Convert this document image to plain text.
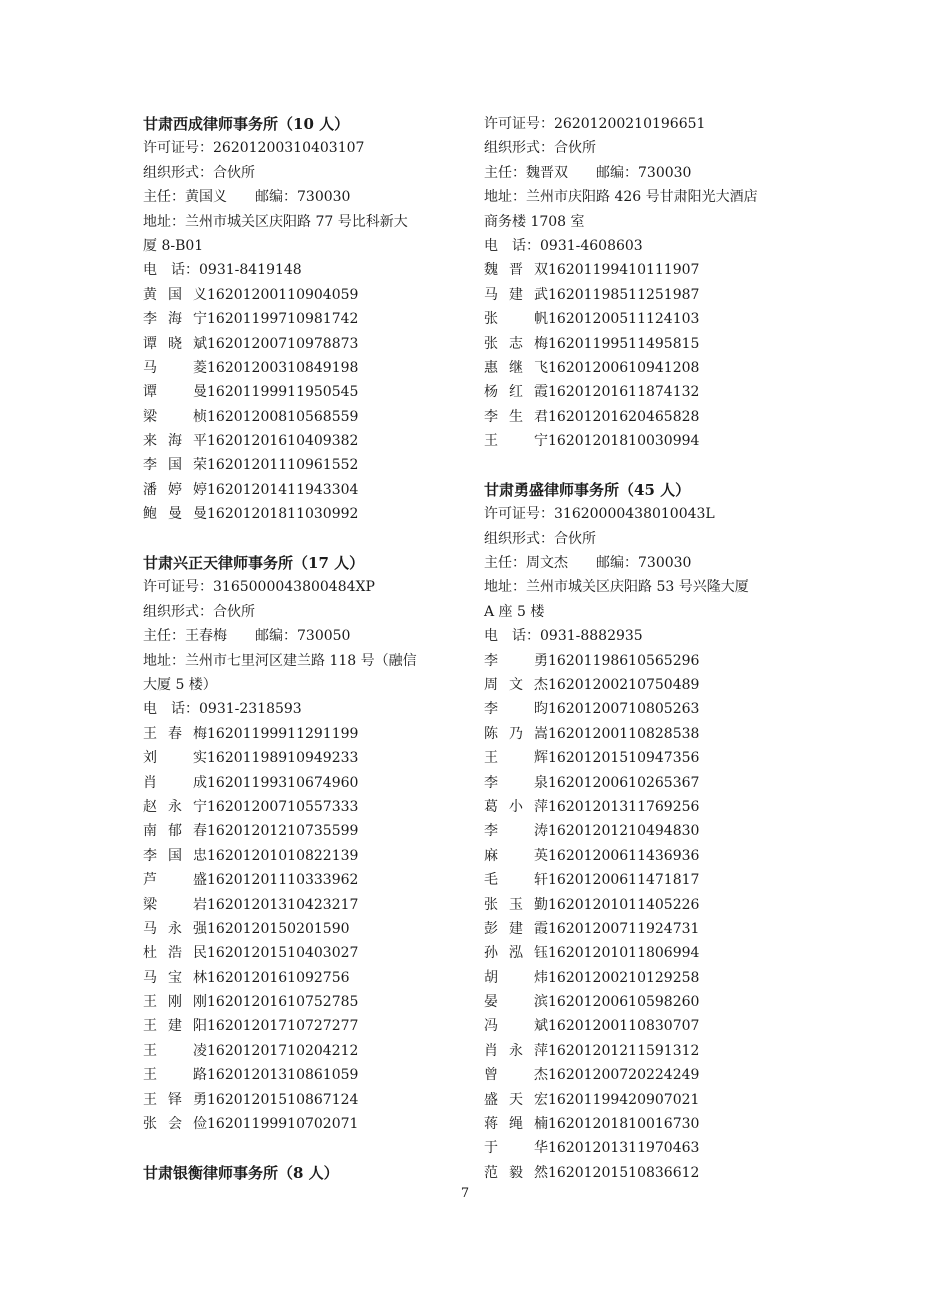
甘肃西成律师事务所（10 人）
许可证号：26201200310403107
组织形式：合伙所
主任：黄国义 邮编：730030
地址：兰州市城关区庆阳路 77 号比科新大
厦 8-B01
电　话：0931-8419148
黄国义16201200110904059
李海宁16201199710981742
谭晓斌16201200710978873
马　菱16201200310849198
谭　曼16201199911950545
梁　桢16201200810568559
来海平16201201610409382
李国荣16201201110961552
潘婷婷16201201411943304
鲍曼曼16201201811030992
甘肃兴正天律师事务所（17 人）
许可证号：3165000043800484XP
组织形式：合伙所
主任：王春梅 邮编：730050
地址：兰州市七里河区建兰路 118 号（融信
大厦 5 楼）
电　话：0931-2318593
王春梅16201199911291199
刘　实16201198910949233
肖　成16201199310674960
赵永宁16201200710557333
南郁春16201201210735599
李国忠16201201010822139
芦　盛16201201110333962
梁　岩16201201310423217
马永强1620120150201590
杜浩民16201201510403027
马宝林1620120161092756
王刚刚16201201610752785
王建阳16201201710727277
王　凌16201201710204212
王　路16201201310861059
王铎勇16201201510867124
张会俭16201199910702071
甘肃银衡律师事务所（8 人）
许可证号：26201200210196651
组织形式：合伙所
主任：魏晋双 邮编：730030
地址：兰州市庆阳路 426 号甘肃阳光大酒店
商务楼 1708 室
电　话：0931-4608603
魏晋双16201199410111907
马建武16201198511251987
张　帆16201200511124103
张志梅16201199511495815
惠继飞16201200610941208
杨红霞16201201611874132
李生君16201201620465828
王　宁16201201810030994
甘肃勇盛律师事务所（45 人）
许可证号：31620000438010043L
组织形式：合伙所
主任：周文杰 邮编：730030
地址：兰州市城关区庆阳路 53 号兴隆大厦
A 座 5 楼
电　话：0931-8882935
李　勇16201198610565296
周文杰16201200210750489
李　昀16201200710805263
陈乃嵩16201200110828538
王　辉16201201510947356
李　泉16201200610265367
葛小萍16201201311769256
李　涛16201201210494830
麻　英16201200611436936
毛　轩16201200611471817
张玉勤16201201011405226
彭建霞16201200711924731
孙泓钰16201201011806994
胡　炜16201200210129258
晏　滨16201200610598260
冯　斌16201200110830707
肖永萍16201201211591312
曾　杰16201200720224249
盛天宏16201199420907021
蒋绳楠16201201810016730
于　华16201201311970463
范毅然16201201510836612
7
